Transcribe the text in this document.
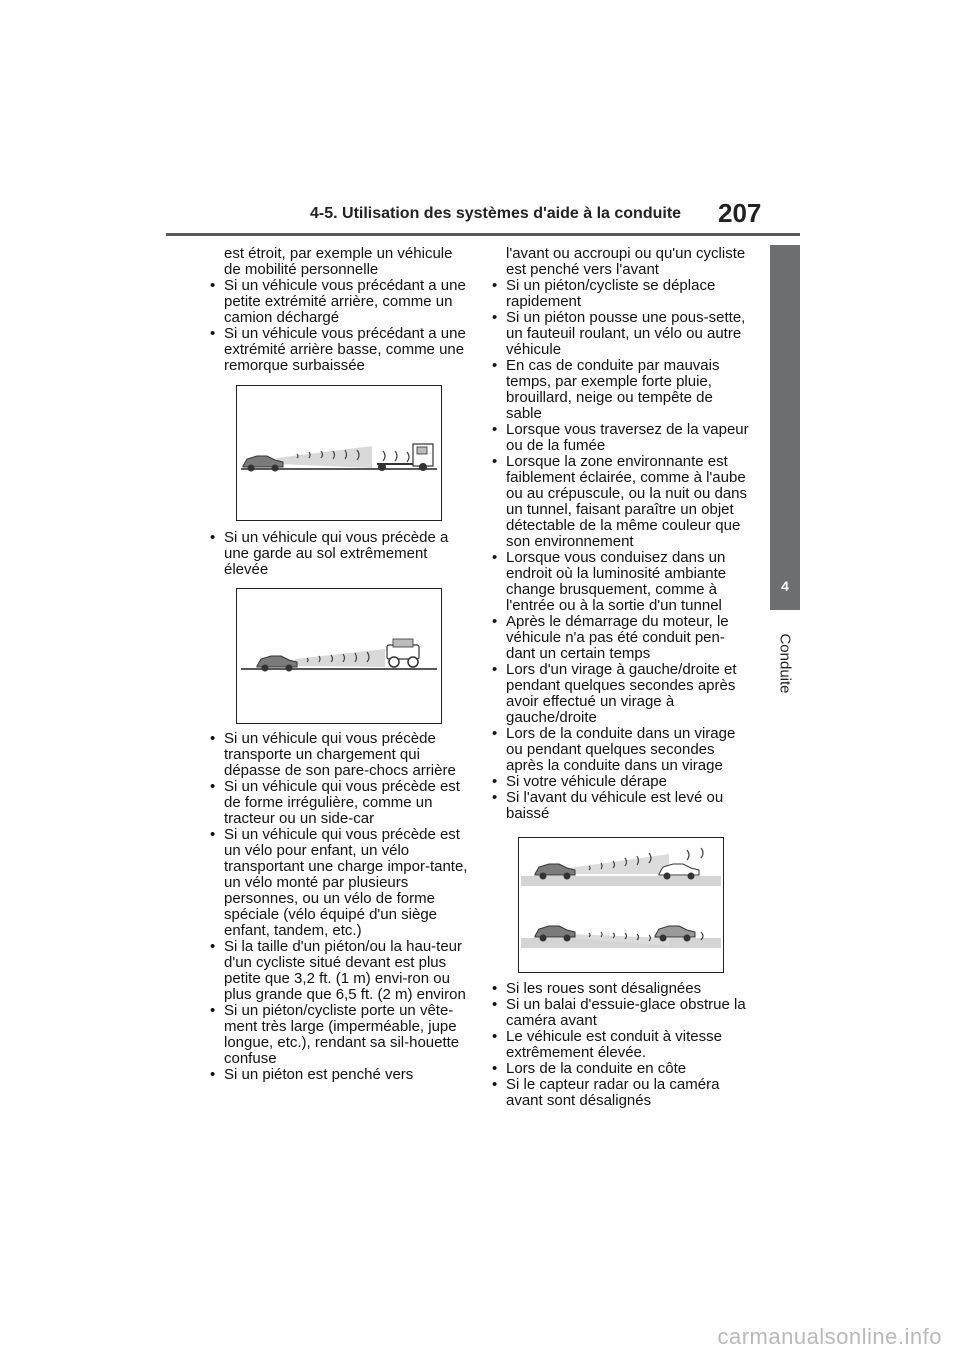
4-5. Utilisation des systèmes d'aide à la conduite 207
4
Conduite
est étroit, par exemple un véhicule de mobilité personnelle
• Si un véhicule vous précédant a une petite extrémité arrière, comme un camion déchargé
• Si un véhicule vous précédant a une extrémité arrière basse, comme une remorque surbaissée
• Si un véhicule qui vous précède a une garde au sol extrêmement élevée
• Si un véhicule qui vous précède transporte un chargement qui dépasse de son pare-chocs arrière
• Si un véhicule qui vous précède est de forme irrégulière, comme un tracteur ou un side-car
• Si un véhicule qui vous précède est un vélo pour enfant, un vélo transportant une charge impor-tante, un vélo monté par plusieurs personnes, ou un vélo de forme spéciale (vélo équipé d'un siège enfant, tandem, etc.)
• Si la taille d'un piéton/ou la hau-teur d'un cycliste situé devant est plus petite que 3,2 ft. (1 m) envi-ron ou plus grande que 6,5 ft. (2 m) environ
• Si un piéton/cycliste porte un vête-ment très large (imperméable, jupe longue, etc.), rendant sa sil-houette confuse
• Si un piéton est penché vers
l'avant ou accroupi ou qu'un cycliste est penché vers l'avant
• Si un piéton/cycliste se déplace rapidement
• Si un piéton pousse une pous-sette, un fauteuil roulant, un vélo ou autre véhicule
• En cas de conduite par mauvais temps, par exemple forte pluie, brouillard, neige ou tempête de sable
• Lorsque vous traversez de la vapeur ou de la fumée
• Lorsque la zone environnante est faiblement éclairée, comme à l'aube ou au crépuscule, ou la nuit ou dans un tunnel, faisant paraître un objet détectable de la même couleur que son environnement
• Lorsque vous conduisez dans un endroit où la luminosité ambiante change brusquement, comme à l'entrée ou à la sortie d'un tunnel
• Après le démarrage du moteur, le véhicule n'a pas été conduit pen-dant un certain temps
• Lors d'un virage à gauche/droite et pendant quelques secondes après avoir effectué un virage à gauche/droite
• Lors de la conduite dans un virage ou pendant quelques secondes après la conduite dans un virage
• Si votre véhicule dérape
• Si l'avant du véhicule est levé ou baissé
• Si les roues sont désalignées
• Si un balai d'essuie-glace obstrue la caméra avant
• Le véhicule est conduit à vitesse extrêmement élevée.
• Lors de la conduite en côte
• Si le capteur radar ou la caméra avant sont désalignés
carmanualsonline.info
